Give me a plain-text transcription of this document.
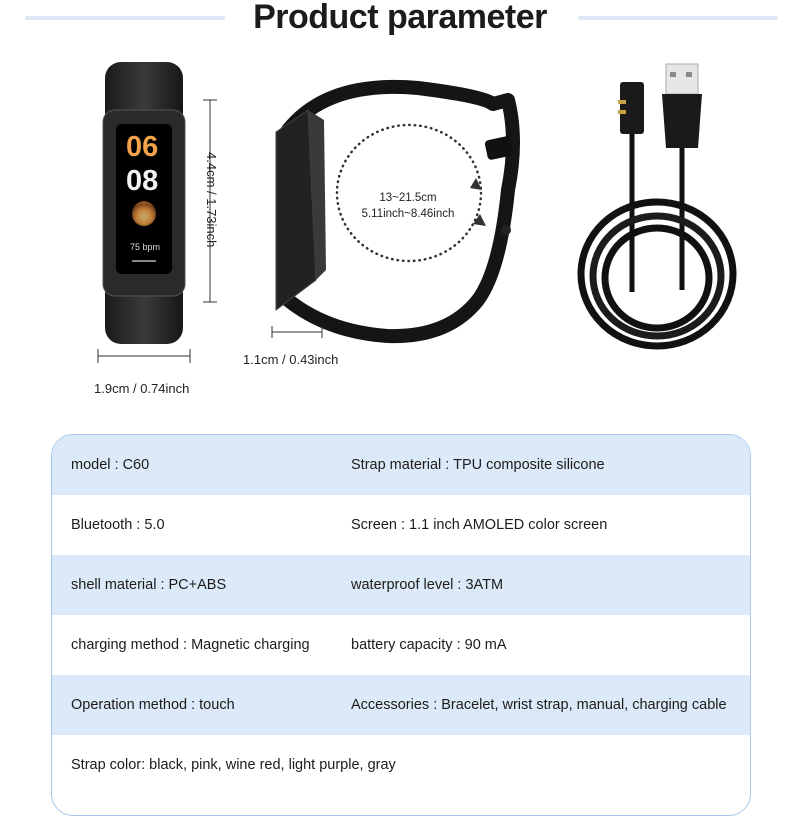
Product parameter
06
08
75 bpm	4.4cm / 1.73inch
1.9cm / 0.74inch
13~21.5cm
5.11inch~8.46inch
1.1cm / 0.43inch
model : C60	Strap material : TPU composite silicone
Bluetooth : 5.0	Screen : 1.1 inch AMOLED color screen
shell material : PC+ABS	waterproof level : 3ATM
charging method : Magnetic charging	battery capacity : 90 mA
Operation method : touch	Accessories : Bracelet, wrist strap, manual, charging cable
Strap color: black, pink, wine red, light purple, gray
